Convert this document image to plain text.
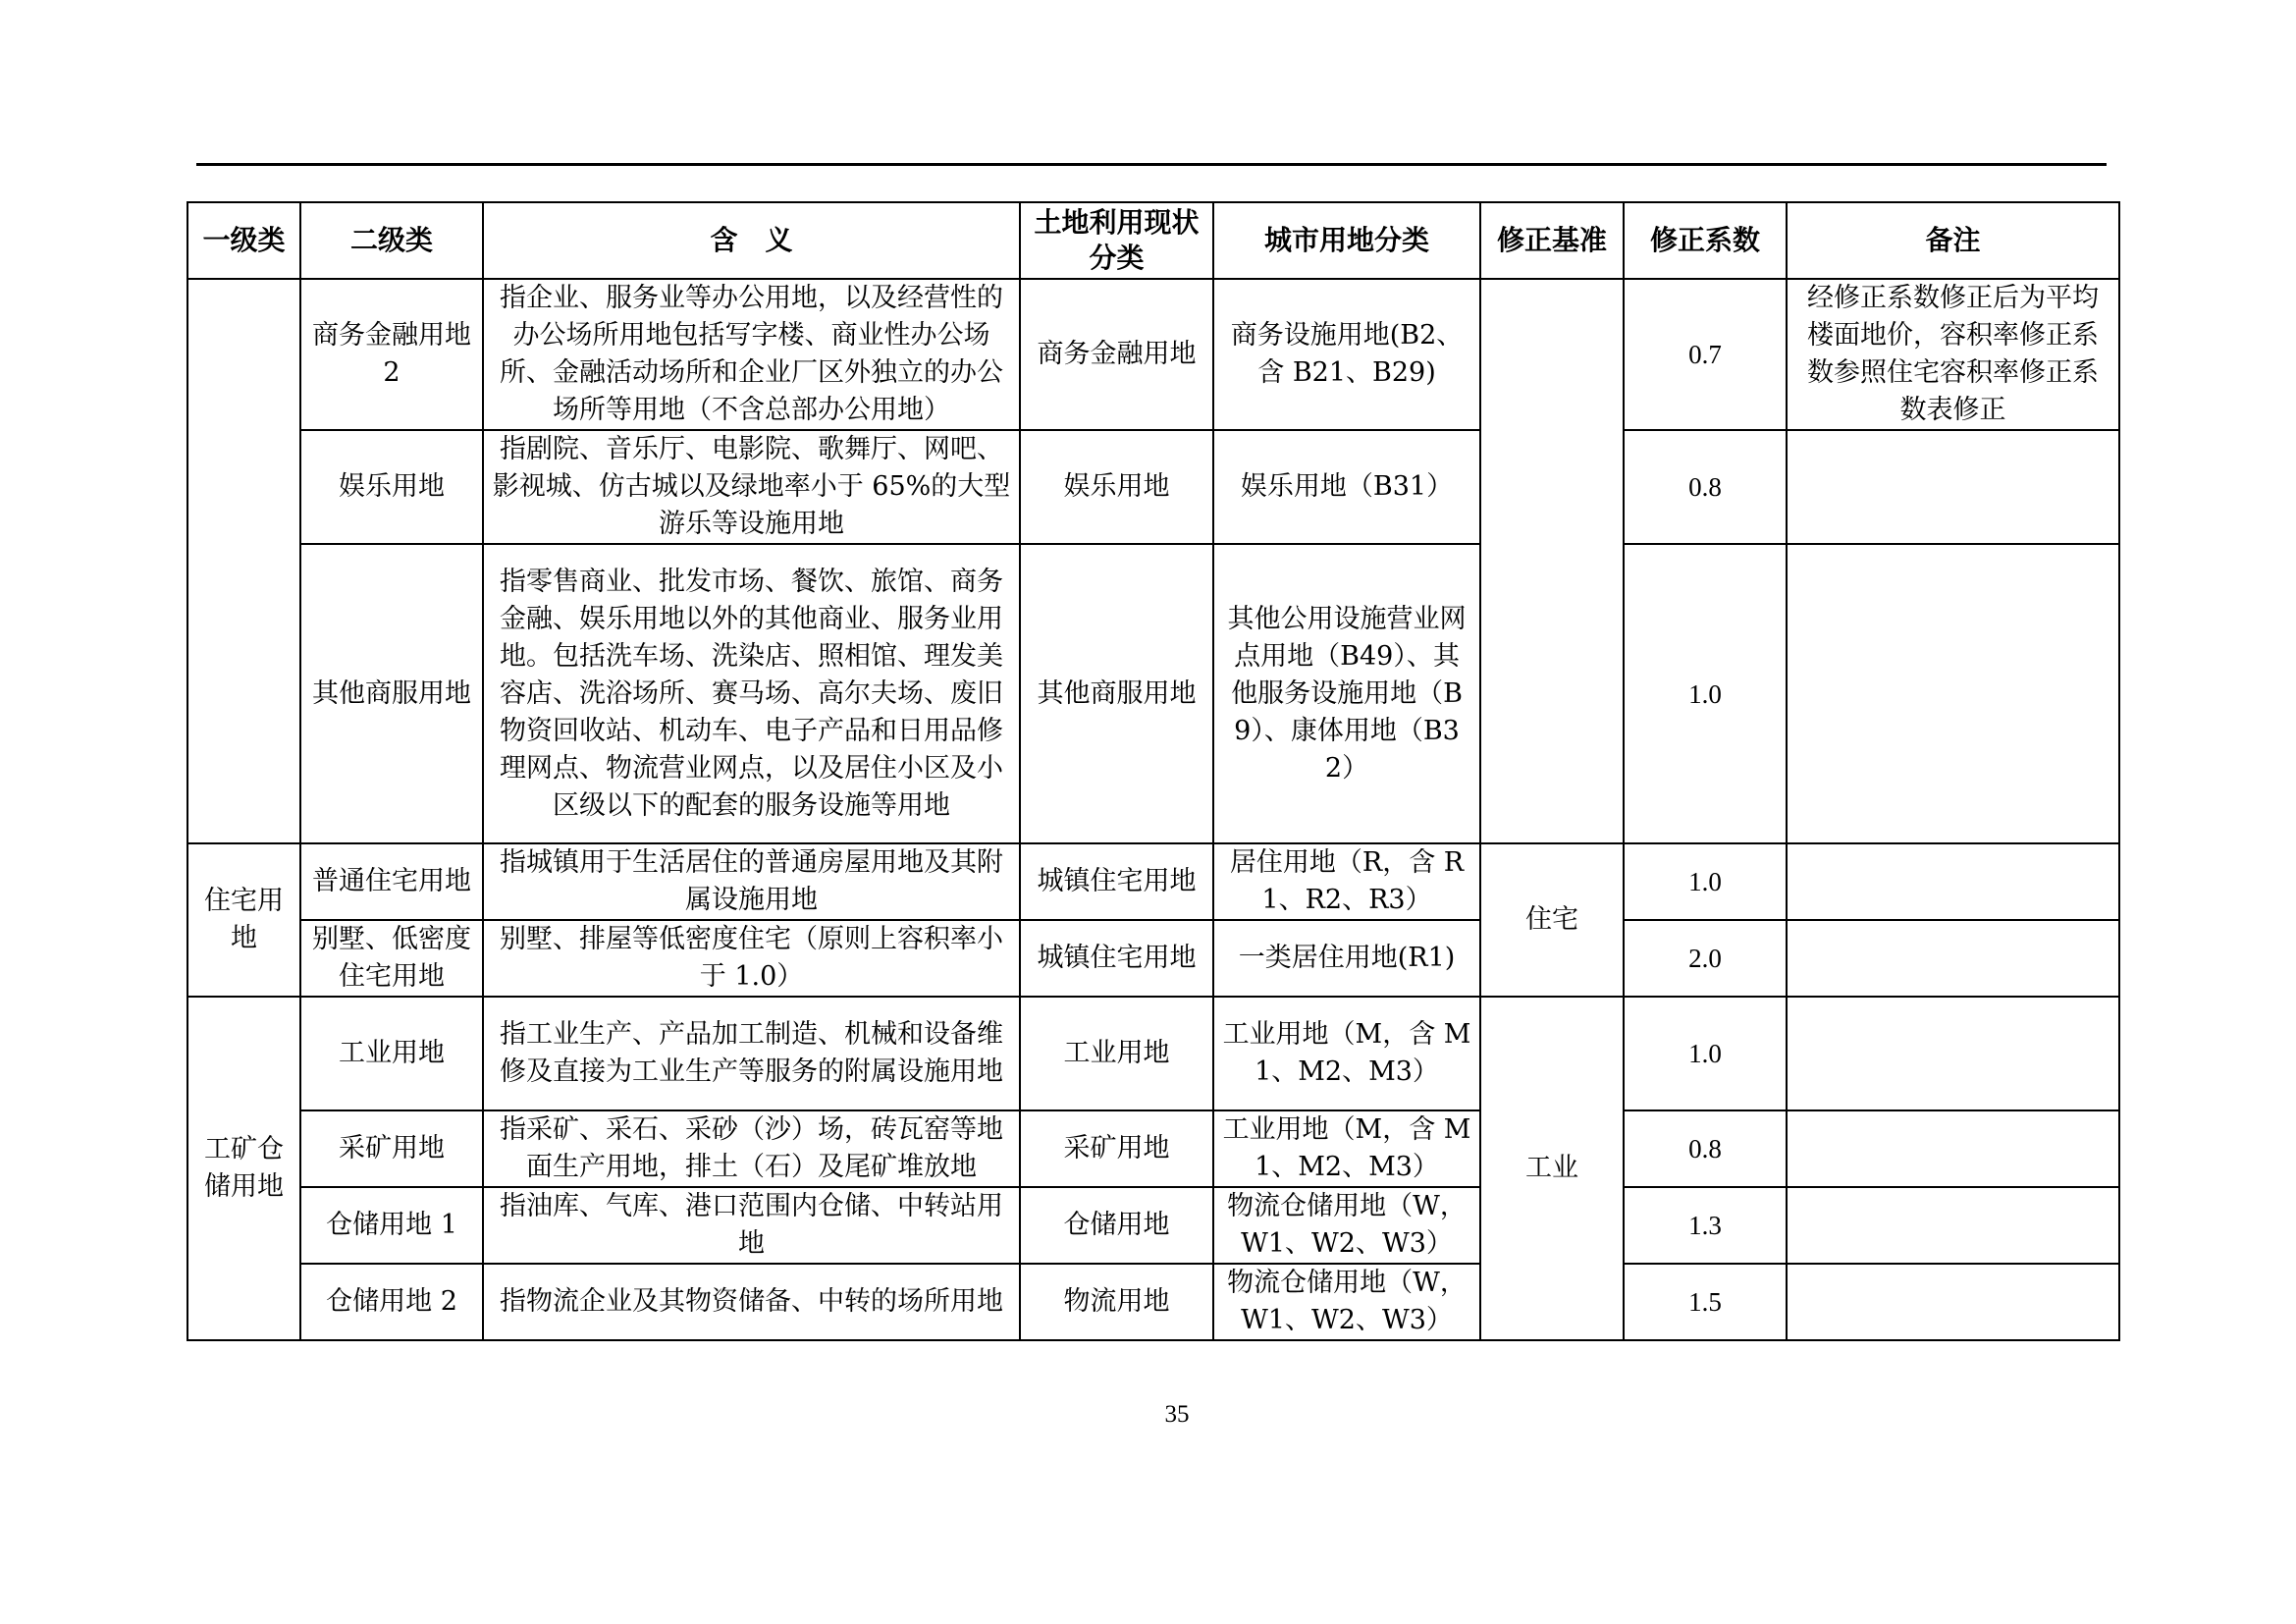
一级类	二级类	含　义	土地利用现状分类	城市用地分类	修正基准	修正系数	备注
	商务金融用地 2	指企业、服务业等办公用地，以及经营性的办公场所用地包括写字楼、商业性办公场所、金融活动场所和企业厂区外独立的办公场所等用地（不含总部办公用地）	商务金融用地	商务设施用地(B2、含 B21、B29)		0.7	经修正系数修正后为平均楼面地价，容积率修正系数参照住宅容积率修正系数表修正
	娱乐用地	指剧院、音乐厅、电影院、歌舞厅、网吧、影视城、仿古城以及绿地率小于 65%的大型游乐等设施用地	娱乐用地	娱乐用地（B31）		0.8	
	其他商服用地	指零售商业、批发市场、餐饮、旅馆、商务金融、娱乐用地以外的其他商业、服务业用地。包括洗车场、洗染店、照相馆、理发美容店、洗浴场所、赛马场、高尔夫场、废旧物资回收站、机动车、电子产品和日用品修理网点、物流营业网点，以及居住小区及小区级以下的配套的服务设施等用地	其他商服用地	其他公用设施营业网点用地（B49）、其他服务设施用地（B9）、康体用地（B32）		1.0	
住宅用地	普通住宅用地	指城镇用于生活居住的普通房屋用地及其附属设施用地	城镇住宅用地	居住用地（R，含 R1、R2、R3）	住宅	1.0	
	别墅、低密度住宅用地	别墅、排屋等低密度住宅（原则上容积率小于 1.0）	城镇住宅用地	一类居住用地(R1)		2.0	
工矿仓储用地	工业用地	指工业生产、产品加工制造、机械和设备维修及直接为工业生产等服务的附属设施用地	工业用地	工业用地（M，含 M1、M2、M3）	工业	1.0	
	采矿用地	指采矿、采石、采砂（沙）场，砖瓦窑等地面生产用地，排土（石）及尾矿堆放地	采矿用地	工业用地（M，含 M1、M2、M3）		0.8	
	仓储用地 1	指油库、气库、港口范围内仓储、中转站用地	仓储用地	物流仓储用地（W，W1、W2、W3）		1.3	
	仓储用地 2	指物流企业及其物资储备、中转的场所用地	物流用地	物流仓储用地（W，W1、W2、W3）		1.5	
35
